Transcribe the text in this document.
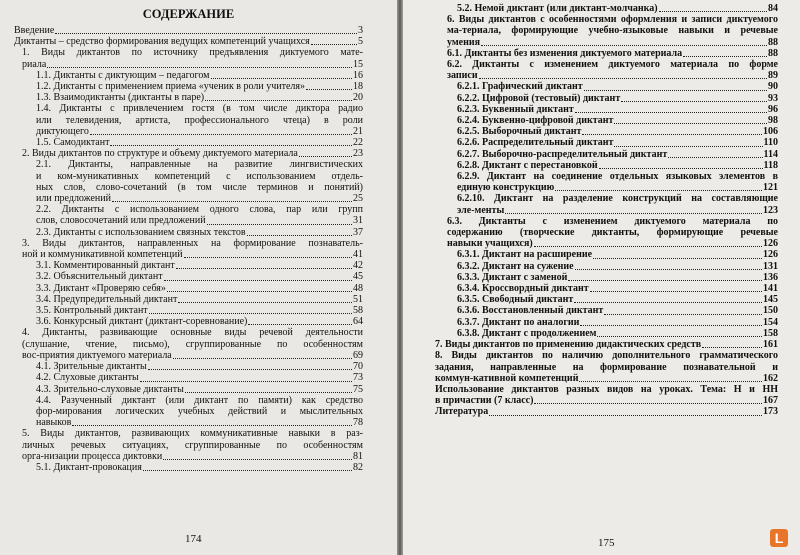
СОДЕРЖАНИЕ
Введение	3
Диктанты – средство формирования ведущих компетенций учащихся	5
1. Виды диктантов по источнику предъявления диктуемого мате-
риала	15
1.1. Диктанты с диктующим – педагогом	16
1.2. Диктанты с применением приема «ученик в роли учителя»	18
1.3. Взаимодиктанты (диктанты в паре)	20
1.4. Диктанты с привлечением гостя (в том числе диктора радио
или телевидения, артиста, профессионального чтеца) в роли
диктующего	21
1.5. Самодиктант	22
2. Виды диктантов по структуре и объему диктуемого материала	23
2.1. Диктанты, направленные на развитие лингвистических
и ком-муникативных компетенций с использованием отдель-
ных слов, слово-сочетаний (в том числе терминов и понятий)
или предложений	25
2.2. Диктанты с использованием одного слова, пар или групп
слов, словосочетаний или предложений	31
2.3. Диктанты с использованием связных текстов	37
3. Виды диктантов, направленных на формирование познаватель-
ной и коммуникативной компетенций	41
3.1. Комментированный диктант	42
3.2. Объяснительный диктант	45
3.3. Диктант «Проверяю себя»	48
3.4. Предупредительный диктант	51
3.5. Контрольный диктант	58
3.6. Конкурсный диктант (диктант-соревнование)	64
4. Диктанты, развивающие основные виды речевой деятельности
(слушание, чтение, письмо), сгруппированные по особенностям
вос-приятия диктуемого материала	69
4.1. Зрительные диктанты	70
4.2. Слуховые диктанты	73
4.3. Зрительно-слуховые диктанты	75
4.4. Разученный диктант (или диктант по памяти) как средство
фор-мирования логических учебных действий и мыслительных
навыков	78
5. Виды диктантов, развивающих коммуникативные навыки в раз-
личных речевых ситуациях, сгруппированные по особенностям
орга-низации процесса диктовки	81
5.1. Диктант-провокация	82
174
5.2. Немой диктант (или диктант-молчанка)	84
6. Виды диктантов с особенностями оформления и записи диктуемого
ма-териала, формирующие учебно-языковые навыки и речевые
умения	88
6.1. Диктанты без изменения диктуемого материала	88
6.2. Диктанты с изменением диктуемого материала по форме
записи	89
6.2.1. Графический диктант	90
6.2.2. Цифровой (тестовый) диктант	93
6.2.3. Буквенный диктант	96
6.2.4. Буквенно-цифровой диктант	98
6.2.5. Выборочный диктант	106
6.2.6. Распределительный диктант	110
6.2.7. Выборочно-распределительный диктант	114
6.2.8. Диктант с перестановкой	118
6.2.9. Диктант на соединение отдельных языковых элементов в
единую конструкцию	121
6.2.10. Диктант на разделение конструкций на составляющие
эле-менты	123
6.3. Диктанты с изменением диктуемого материала по
содержанию (творческие диктанты, формирующие речевые
навыки учащихся)	126
6.3.1. Диктант на расширение	126
6.3.2. Диктант на сужение	131
6.3.3. Диктант с заменой	136
6.3.4. Кроссвордный диктант	141
6.3.5. Свободный диктант	145
6.3.6. Восстановленный диктант	150
6.3.7. Диктант по аналогии	154
6.3.8. Диктант с продолжением	158
7. Виды диктантов по применению дидактических средств	161
8. Виды диктантов по наличию дополнительного грамматического
задания, направленные на формирование познавательной и
коммун-кативной компетенций	162
Использование диктантов разных видов на уроках. Тема: Н и НН
в причастии (7 класс)	167
Литература	173
175	L
